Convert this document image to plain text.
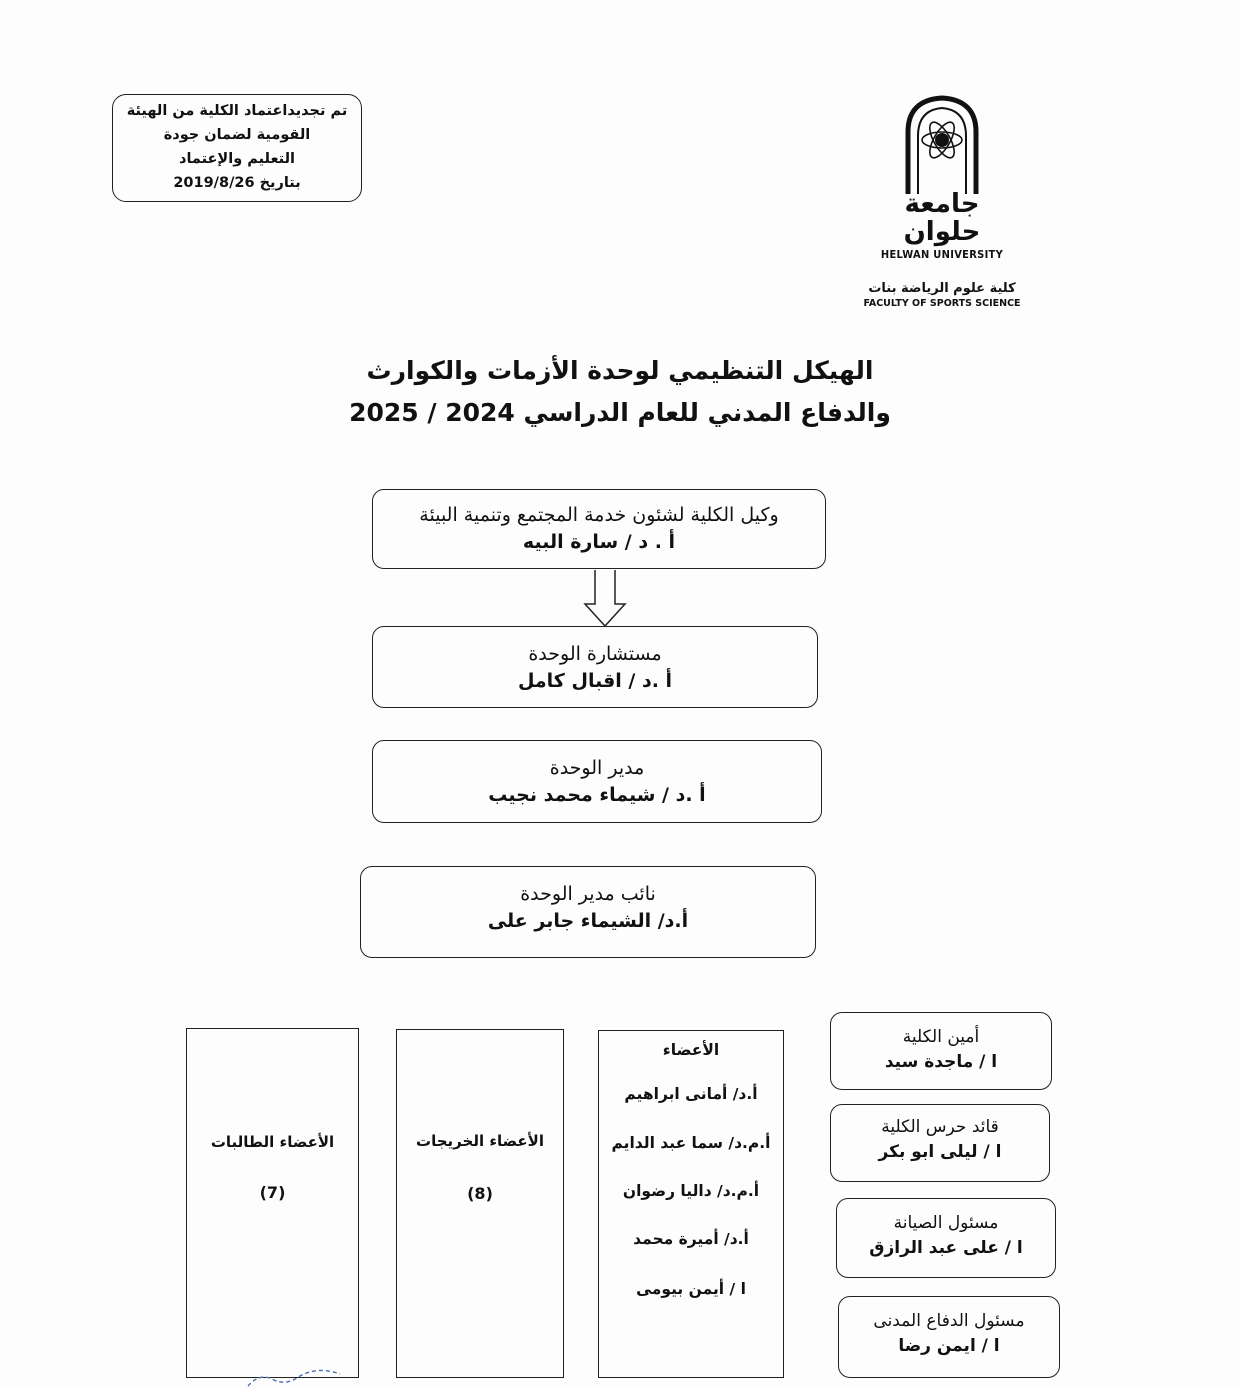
تم تجديداعتماد الكلية من الهيئة
القومية لضمان جودة
التعليم والإعتماد
بتاريخ 2019/8/26
جامعة حلوان
HELWAN UNIVERSITY
كلية علوم الرياضة بنات
FACULTY OF SPORTS SCIENCE
الهيكل التنظيمي لوحدة الأزمات والكوارث
والدفاع المدني للعام الدراسي 2024 / 2025
وكيل الكلية لشئون خدمة المجتمع وتنمية البيئة
أ . د / سارة البيه
مستشارة الوحدة
أ .د / اقبال كامل
مدير الوحدة
أ .د / شيماء محمد نجيب
نائب مدير الوحدة
أ.د/ الشيماء جابر على
أمين الكلية
ا / ماجدة سيد
قائد حرس الكلية
ا / ليلى ابو بكر
مسئول الصيانة
ا / على عبد الرازق
مسئول الدفاع المدنى
ا / ايمن رضا
الأعضاء
أ.د/ أمانى ابراهيم
أ.م.د/ سما عبد الدايم
أ.م.د/ داليا رضوان
أ.د/ أميرة محمد
ا / أيمن بيومى
الأعضاء الخريجات
(8)
الأعضاء الطالبات
(7)
